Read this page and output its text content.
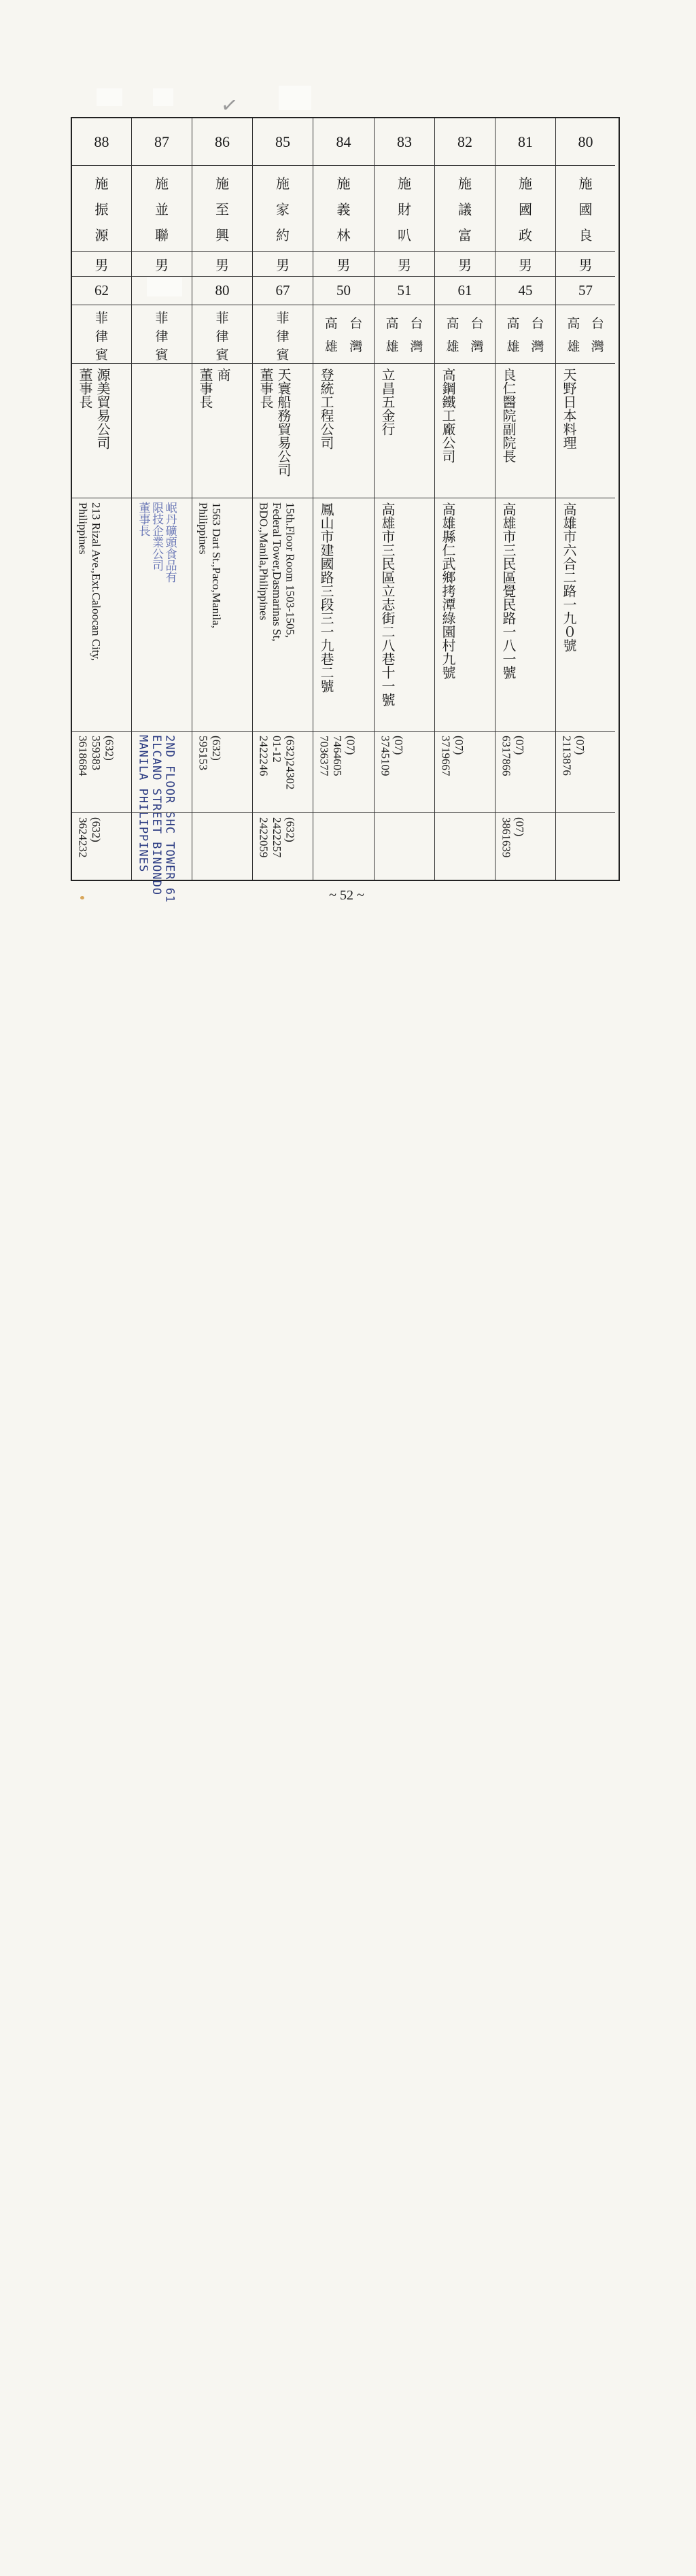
✓
88
施
振
源
男
62
菲
律
賓
源美貿易公司
董事長
213 Rizal Ave.,Ext.Caloocan City,
Philippines
(632)
359383
3618684
(632)
3624232
87
施
並
聯
男
菲
律
賓
岷丹礦頭食品有
限技企業公司
董事長
2ND FLOOR SHC TOWER 61
ELCANO STREET BINONDO
MANILA PHILIPPINES
86
施
至
興
男
80
菲
律
賓
商
董事長
1563 Dart St.,Paco,Manila,
Philippines
(632)
595153
85
施
家
約
男
67
菲
律
賓
天寰船務貿易公司
董事長
15th.Floor Room 1503-1505,
Federal Tower,Dasmarinas St,
BDO.,Manila,Philippines
(632)24302
01-12
2422246
(632)
2422257
2422059
84
施
義
林
男
50
高 台
雄 灣
登統工程公司
鳳山市建國路三段三一九巷二號
(07)
7464605
7036377
83
施
財
叭
男
51
高 台
雄 灣
立昌五金行
高雄市三民區立志街二八巷十一號
(07)
3745109
82
施
議
富
男
61
高 台
雄 灣
高鋼鐵工廠公司
高雄縣仁武鄉拷潭綠園村九號
(07)
3719667
81
施
國
政
男
45
高 台
雄 灣
良仁醫院副院長
高雄市三民區覺民路一八一號
(07)
6317866
(07)
3861639
80
施
國
良
男
57
高 台
雄 灣
天野日本料理
高雄市六合二路一九０號
(07)
2113876
~ 52 ~
